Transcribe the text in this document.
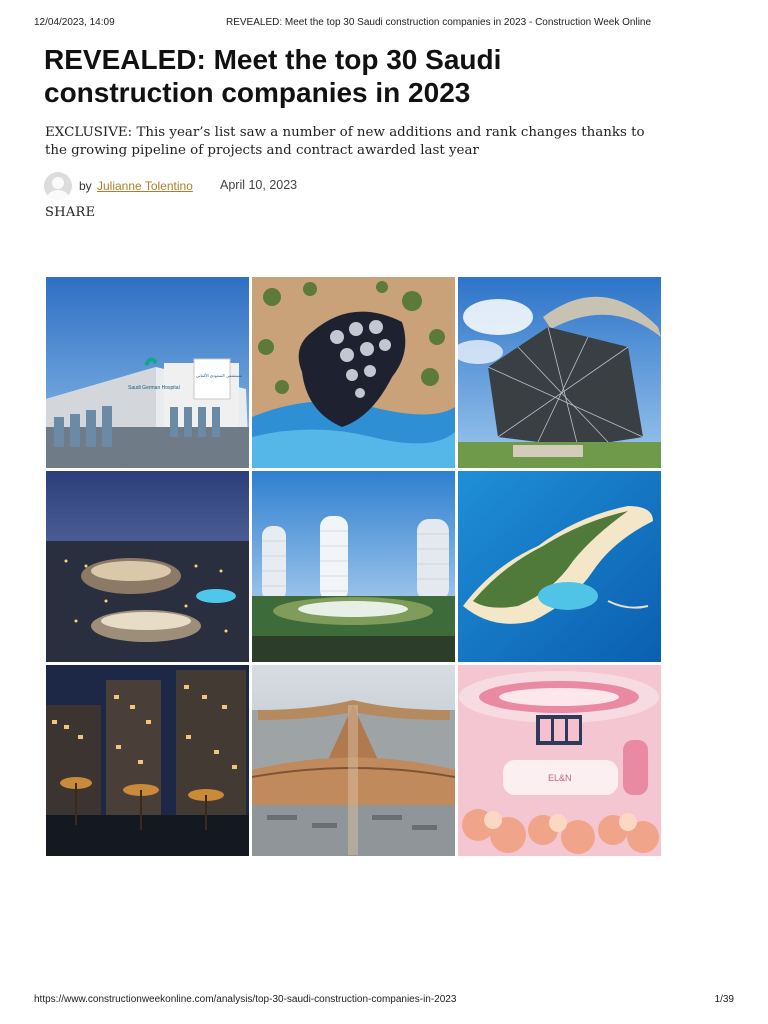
12/04/2023, 14:09	REVEALED: Meet the top 30 Saudi construction companies in 2023 - Construction Week Online
REVEALED: Meet the top 30 Saudi construction companies in 2023

EXCLUSIVE: This year’s list saw a number of new additions and rank changes thanks to the growing pipeline of projects and contract awarded last year

by Julianne Tolentino April 10, 2023
SHARE
Saudi German Hospital
مستشفى السعودي الألماني
EL&N
https://www.constructionweekonline.com/analysis/top-30-saudi-construction-companies-in-2023	1/39
